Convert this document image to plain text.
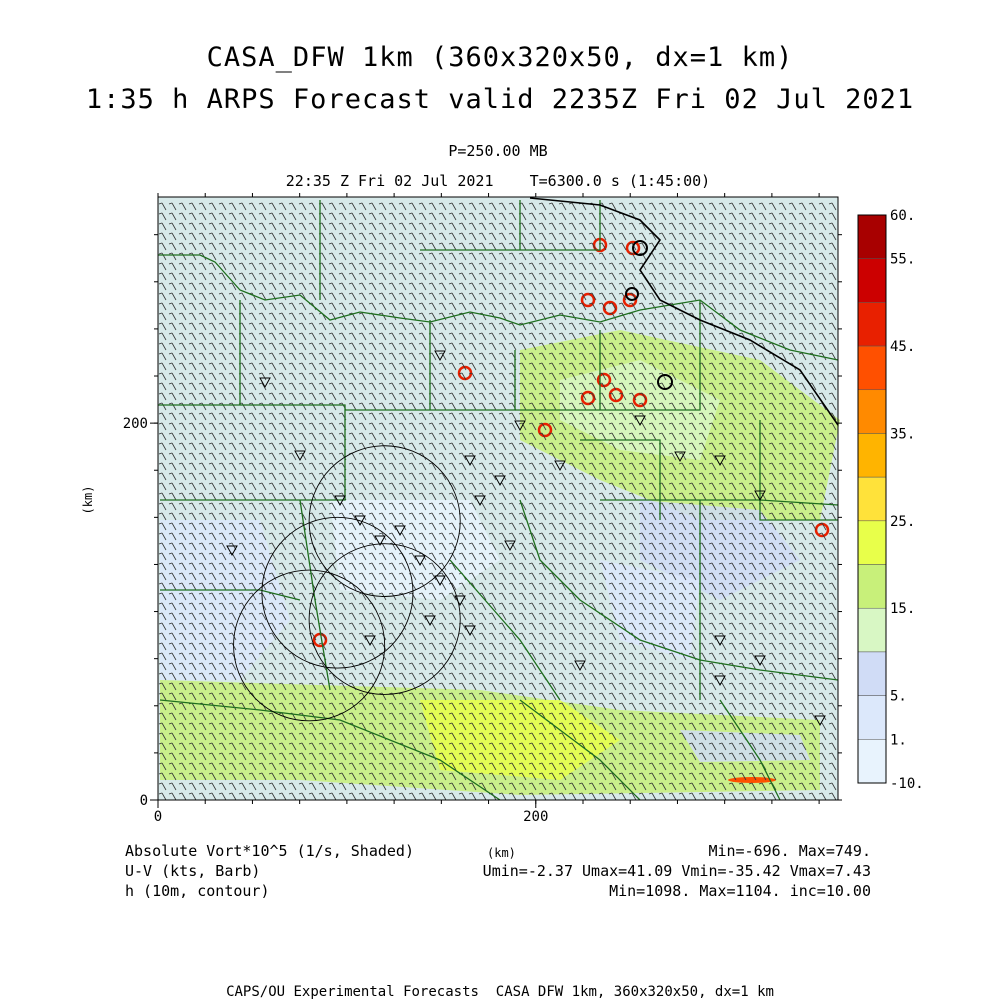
CASA_DFW 1km (360x320x50, dx=1 km)
1:35 h ARPS Forecast valid 2235Z Fri 02 Jul 2021
P=250.00 MB
22:35 Z Fri 02 Jul 2021    T=6300.0 s (1:45:00)
0	200
0
200
60.
55.
45.
35.
25.
15.
5.
1.
-10.
(km)
Absolute Vort*10^5 (1/s, Shaded)
U-V (kts, Barb)
h (10m, contour)
(km)	Min=-696. Max=749.
Umin=-2.37 Umax=41.09 Vmin=-35.42 Vmax=7.43
Min=1098. Max=1104. inc=10.00
CAPS/OU Experimental Forecasts  CASA DFW 1km, 360x320x50, dx=1 km
